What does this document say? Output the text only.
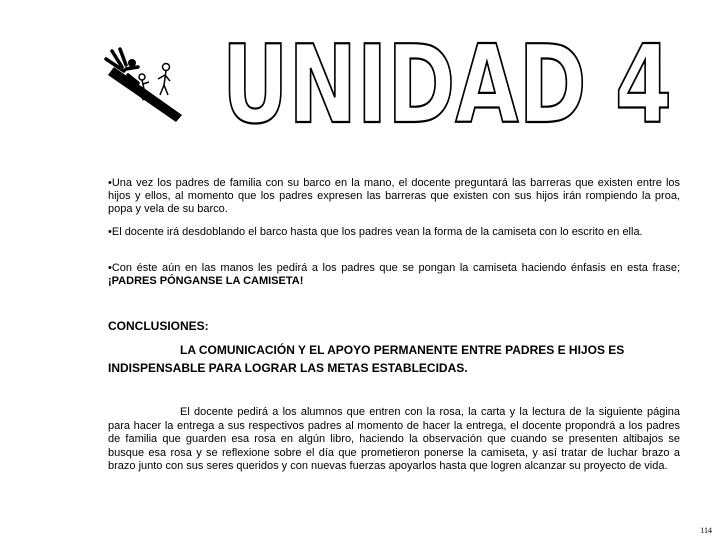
UNIDAD 4
•Una vez los padres de familia con su barco en la mano, el docente preguntará las barreras que existen entre los hijos y ellos, al momento que los padres expresen las barreras que existen con sus hijos irán rompiendo la proa, popa y vela de su barco.
•El docente irá desdoblando el barco hasta que los padres vean la forma de la camiseta con lo escrito en ella.
•Con éste aún en las manos les pedirá a los padres que se pongan la camiseta haciendo énfasis en esta frase; ¡PADRES PÓNGANSE LA CAMISETA!
CONCLUSIONES:
LA COMUNICACIÓN Y EL APOYO PERMANENTE ENTRE PADRES E HIJOS ES INDISPENSABLE PARA LOGRAR LAS METAS ESTABLECIDAS.
El docente pedirá a los alumnos que entren con la rosa, la carta y la lectura de la siguiente página para hacer la entrega a sus respectivos padres al momento de hacer la entrega, el docente propondrá a los padres de familia que guarden esa rosa en algún libro, haciendo la observación que cuando se presenten altibajos se busque esa rosa y se reflexione sobre el día que prometieron ponerse la camiseta, y así tratar de luchar brazo a brazo junto con sus seres queridos y con nuevas fuerzas apoyarlos hasta que logren alcanzar su proyecto de vida.
114
